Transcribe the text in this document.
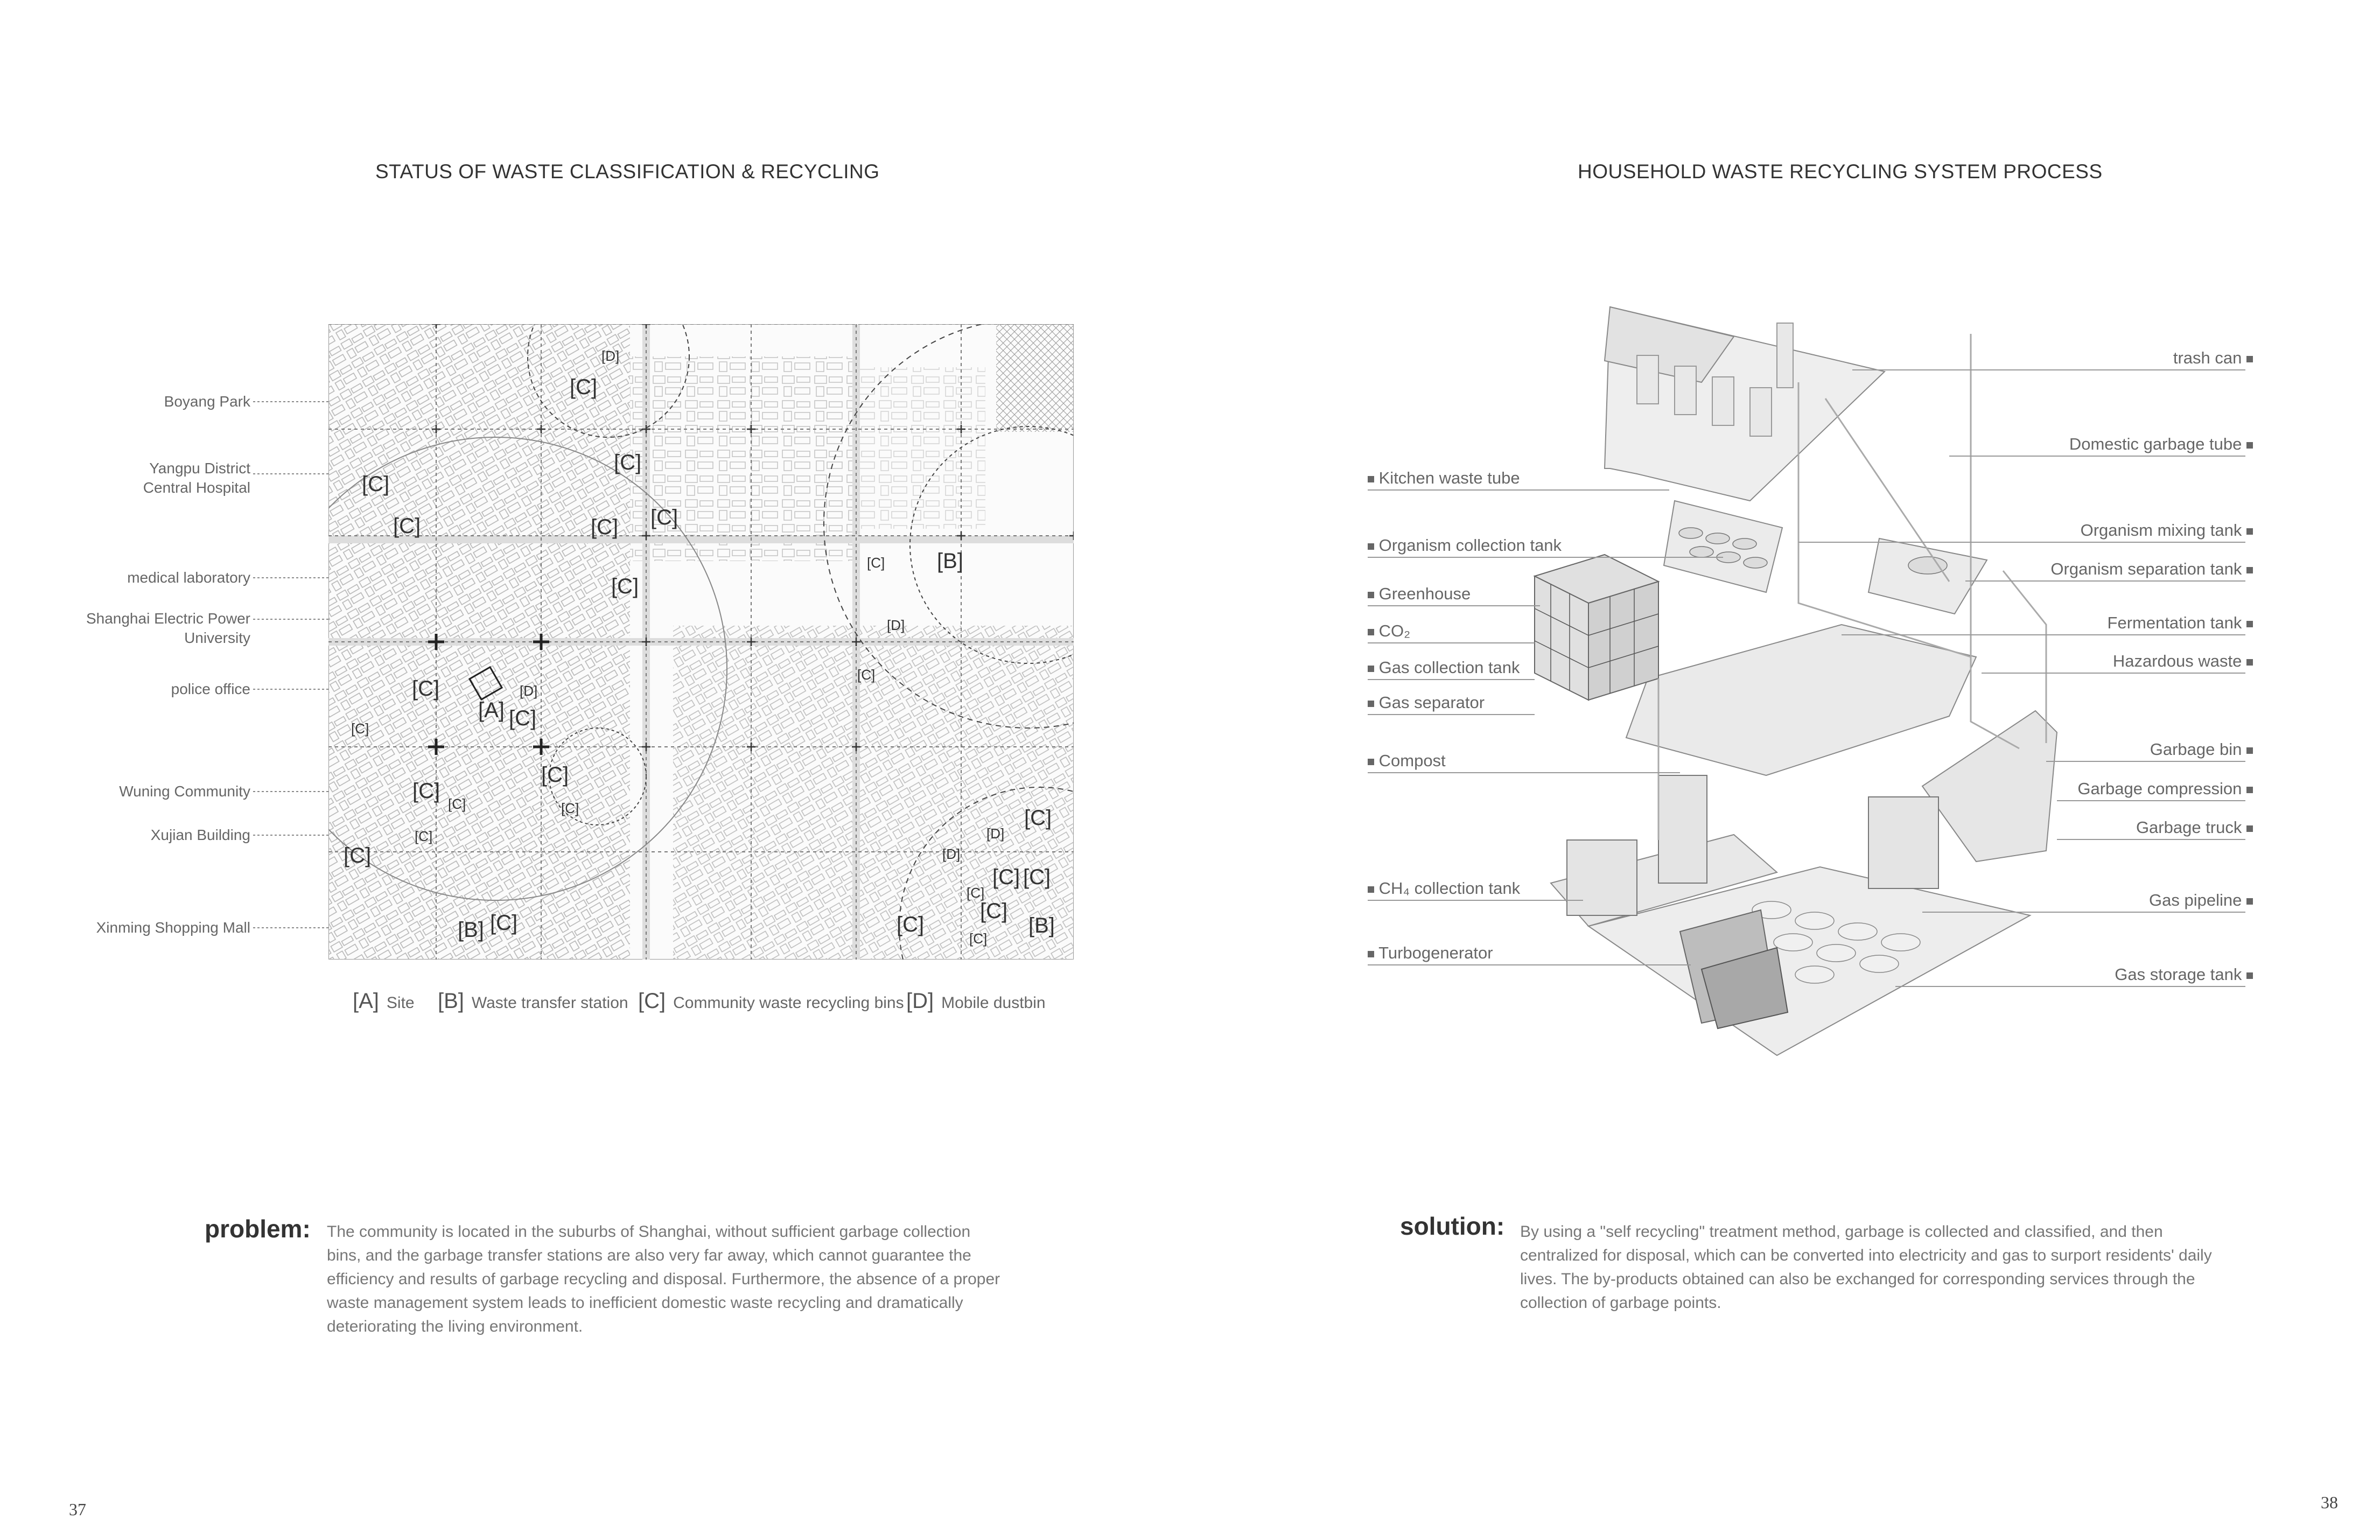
STATUS OF WASTE CLASSIFICATION & RECYCLING
Boyang Park
Yangpu District
Central Hospital
medical laboratory
Shanghai Electric Power
University
police office
Wuning Community
Xujian Building
Xinming Shopping Mall
[D]
[C]
[C]
[C]
[C]	[C] [C]
[C]
[B]
[C]
[D]
[C]
[C]
[A]
[D]
[C]
[C]
[C]
[C]
[C]	[C]
[C]
[C]
[B] [C]
[C]
[D]
[D]
[C] [C]
[C]
[C]
[C]	[B]
[C]
[A] Site	[B] Waste transfer station [C] Community waste recycling bins [D] Mobile dustbin
problem: The community is located in the suburbs of Shanghai, without sufficient garbage collection
bins, and the garbage transfer stations are also very far away, which cannot guarantee the
efficiency and results of garbage recycling and disposal. Furthermore, the absence of a proper
waste management system leads to inefficient domestic waste recycling and dramatically
deteriorating the living environment.
37
HOUSEHOLD WASTE RECYCLING SYSTEM PROCESS
Kitchen waste tube
Organism collection tank
Greenhouse
CO₂
Gas collection tank
Gas separator
Compost
CH₄ collection tank
Turbogenerator
trash can
Domestic garbage tube
Organism mixing tank
Organism separation tank
Fermentation tank
Hazardous waste
Garbage bin
Garbage compression
Garbage truck
Gas pipeline
Gas storage tank
solution: By using a "self recycling" treatment method, garbage is collected and classified, and then
centralized for disposal, which can be converted into electricity and gas to surport residents' daily
lives. The by-products obtained can also be exchanged for corresponding services through the
collection of garbage points.
38
